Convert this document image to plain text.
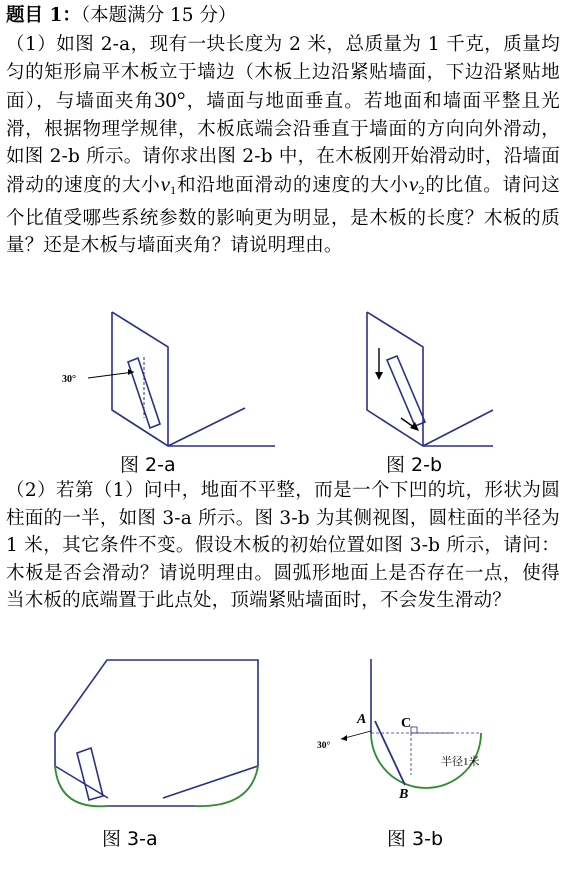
题目 1：（本题满分 15 分）

（1）如图 2-a，现有一块长度为 2 米，总质量为 1 千克，质量均匀的矩形扁平木板立于墙边（木板上边沿紧贴墙面，下边沿紧贴地面），与墙面夹角30°，墙面与地面垂直。若地面和墙面平整且光滑，根据物理学规律，木板底端会沿垂直于墙面的方向向外滑动，如图 2-b 所示。请你求出图 2-b 中，在木板刚开始滑动时，沿墙面滑动的速度的大小$v_1$和沿地面滑动的速度的大小$v_2$的比值。请问这个比值受哪些系统参数的影响更为明显，是木板的长度？木板的质量？还是木板与墙面夹角？请说明理由。

30°
图 2-a	图 2-b

（2）若第（1）问中，地面不平整，而是一个下凹的坑，形状为圆柱面的一半，如图 3-a 所示。图 3-b 为其侧视图，圆柱面的半径为 1 米，其它条件不变。假设木板的初始位置如图 3-b 所示，请问：木板是否会滑动？请说明理由。圆弧形地面上是否存在一点，使得当木板的底端置于此点处，顶端紧贴墙面时，不会发生滑动？

图 3-a
A C
B
30°
半径1米
图 3-b
